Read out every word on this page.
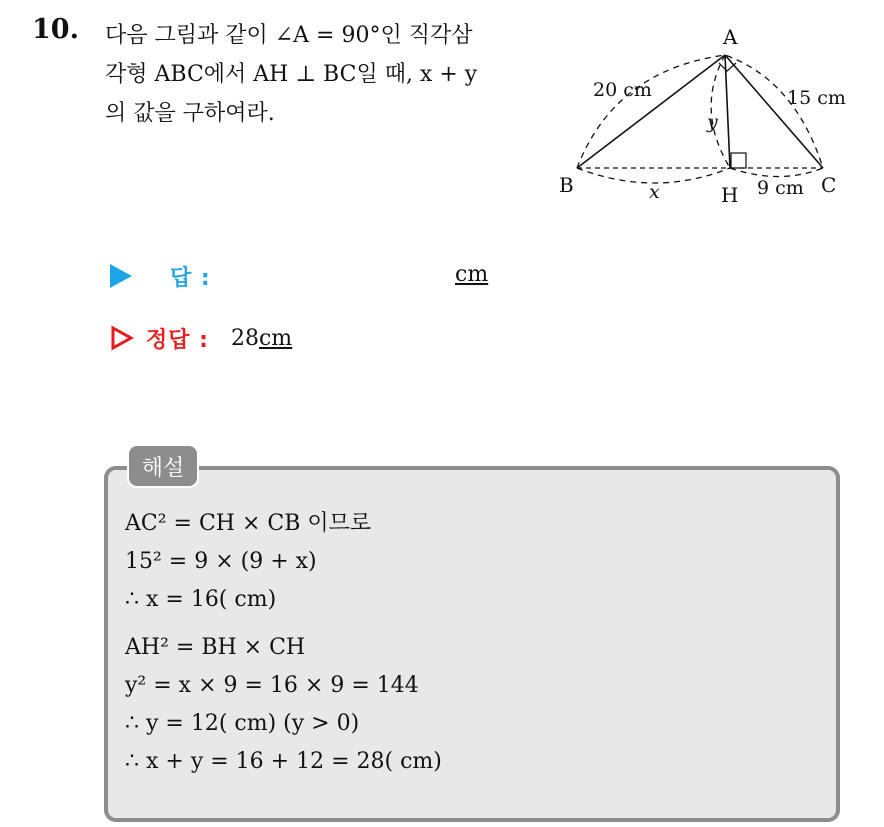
10. 다음 그림과 같이 ∠A = 90°인 직각삼
각형 ABC에서 AH ⊥ BC일 때, x + y
의 값을 구하여라.
A
B	C
H
20 cm	15 cm
9 cm
x
y
답 :	cm
정답 : 28cm
해설
AC² = CH × CB 이므로
15² = 9 × (9 + x)
∴ x = 16( cm)
AH² = BH × CH
y² = x × 9 = 16 × 9 = 144
∴ y = 12( cm) (y > 0)
∴ x + y = 16 + 12 = 28( cm)
